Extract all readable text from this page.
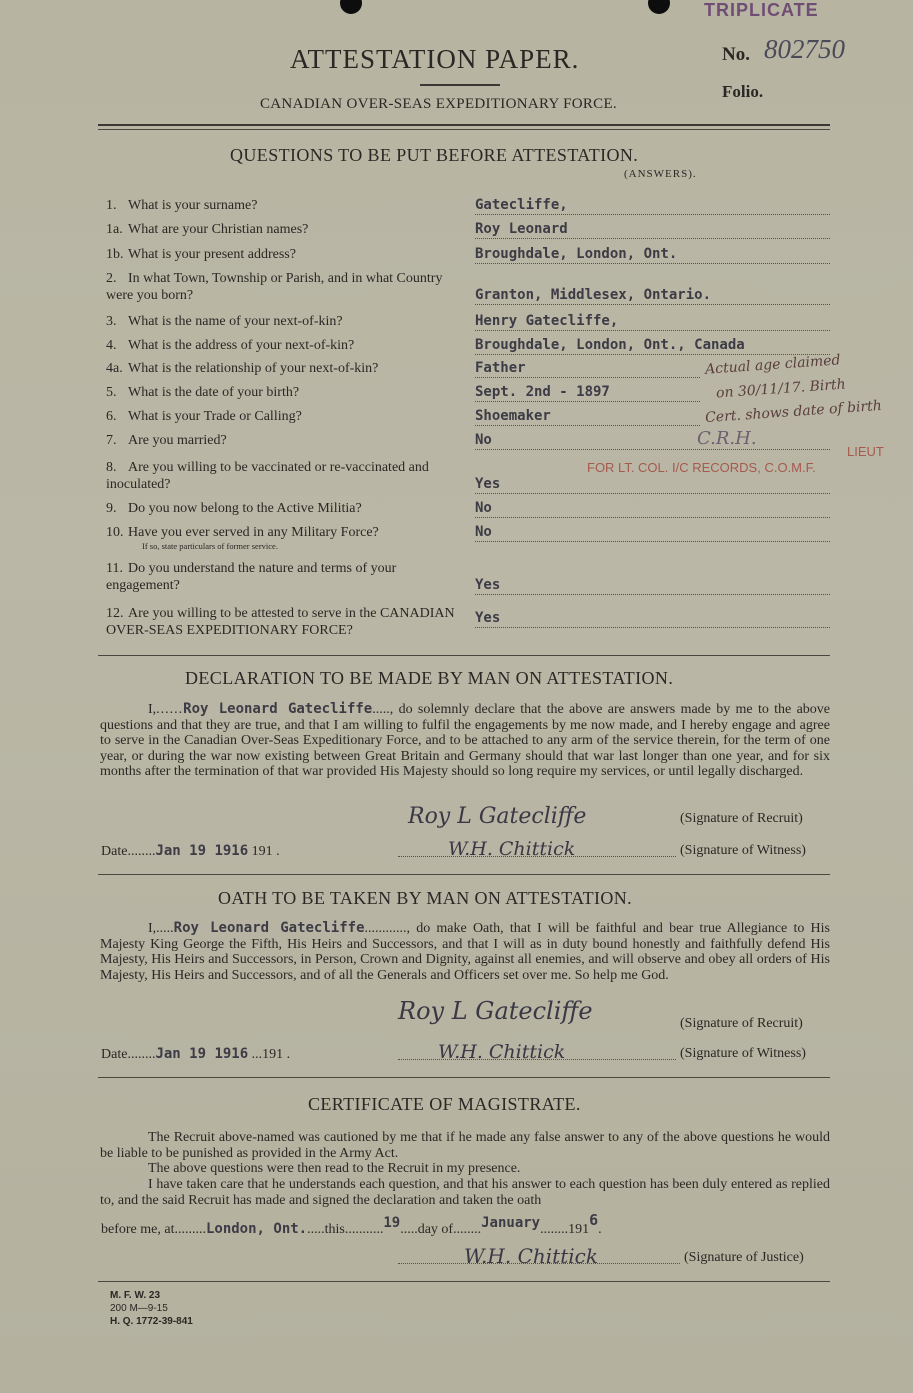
TRIPLICATE
ATTESTATION PAPER.
CANADIAN OVER-SEAS EXPEDITIONARY FORCE.
No. 802750
Folio.
QUESTIONS TO BE PUT BEFORE ATTESTATION.
(ANSWERS).
1. What is your surname?	Gatecliffe,
1a. What are your Christian names?	Roy Leonard
1b. What is your present address?	Broughdale, London, Ont.
2. In what Town, Township or Parish, and in what Country were you born?	Granton, Middlesex, Ontario.
3. What is the name of your next-of-kin?	Henry Gatecliffe,
4. What is the address of your next-of-kin?	Broughdale, London, Ont., Canada
4a. What is the relationship of your next-of-kin?	Father
5. What is the date of your birth?	Sept. 2nd - 1897
6. What is your Trade or Calling?	Shoemaker
7. Are you married?	No
8. Are you willing to be vaccinated or re-vaccinated and inoculated?	Yes
9. Do you now belong to the Active Militia?	No
10. Have you ever served in any Military Force?
If so, state particulars of former service.
No
11. Do you understand the nature and terms of your engagement?	Yes
12. Are you willing to be attested to serve in the CANADIAN OVER-SEAS EXPEDITIONARY FORCE?
Yes
Actual age claimed
on 30/11/17. Birth
Cert. shows date of birth
C.R.H.
LIEUT
FOR LT. COL. I/C RECORDS, C.O.M.F.
DECLARATION TO BE MADE BY MAN ON ATTESTATION.
I,......Roy Leonard Gatecliffe....., do solemnly declare that the above are answers made by me to the above questions and that they are true, and that I am willing to fulfil the engagements by me now made, and I hereby engage and agree to serve in the Canadian Over-Seas Expeditionary Force, and to be attached to any arm of the service therein, for the term of one year, or during the war now existing between Great Britain and Germany should that war last longer than one year, and for six months after the termination of that war provided His Majesty should so long require my services, or until legally discharged.
Roy L Gatecliffe	(Signature of Recruit)
Date........Jan 19 1916 191 .	W.H. Chittick	(Signature of Witness)
OATH TO BE TAKEN BY MAN ON ATTESTATION.
I,.....Roy Leonard Gatecliffe............, do make Oath, that I will be faithful and bear true Allegiance to His Majesty King George the Fifth, His Heirs and Successors, and that I will as in duty bound honestly and faithfully defend His Majesty, His Heirs and Successors, in Person, Crown and Dignity, against all enemies, and will observe and obey all orders of His Majesty, His Heirs and Successors, and of all the Generals and Officers set over me. So help me God.
Roy L Gatecliffe	(Signature of Recruit)
Date........Jan 19 1916 ...191 .	W.H. Chittick	(Signature of Witness)
CERTIFICATE OF MAGISTRATE.
The Recruit above-named was cautioned by me that if he made any false answer to any of the above questions he would be liable to be punished as provided in the Army Act.
The above questions were then read to the Recruit in my presence.
I have taken care that he understands each question, and that his answer to each question has been duly entered as replied to, and the said Recruit has made and signed the declaration and taken the oath
before me, at.........London, Ont......this...........19.....day of........January........1916.
W.H. Chittick	(Signature of Justice)
M. F. W. 23
200 M—9-15
H. Q. 1772-39-841
